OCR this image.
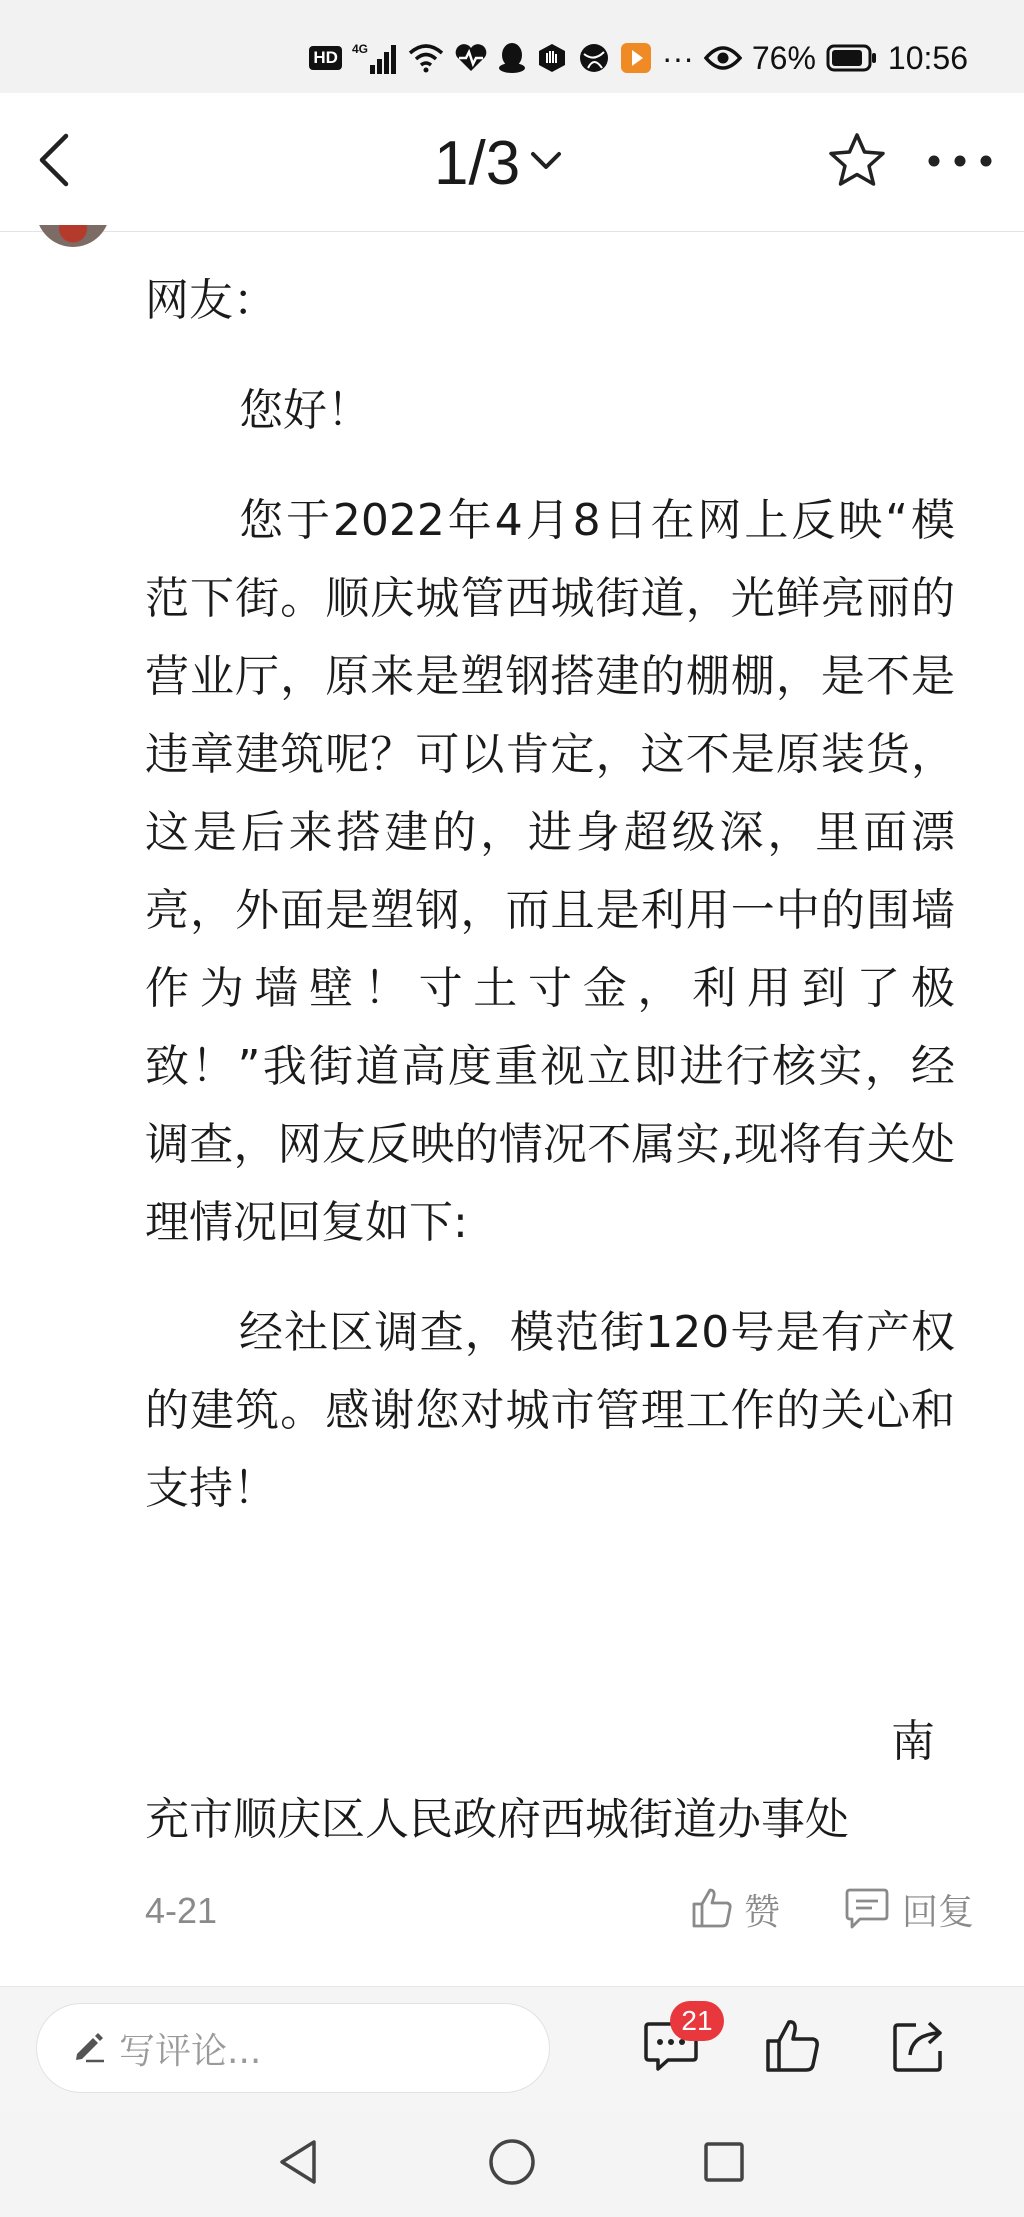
HD	4G	··· 76% 10:56
1/3

网友：

您好！

您于2022年4月8日在网上反映“模范下街。顺庆城管西城街道，光鲜亮丽的营业厅，原来是塑钢搭建的棚棚，是不是违章建筑呢？可以肯定，这不是原装货，这是后来搭建的，进身超级深，里面漂亮，外面是塑钢，而且是利用一中的围墙作为墙壁！寸土寸金，利用到了极致！”我街道高度重视立即进行核实，经调查，网友反映的情况不属实,现将有关处理情况回复如下:

经社区调查，模范街120号是有产权的建筑。感谢您对城市管理工作的关心和支持！

南
充市顺庆区人民政府西城街道办事处
4-21	赞	回复
写评论...
21
